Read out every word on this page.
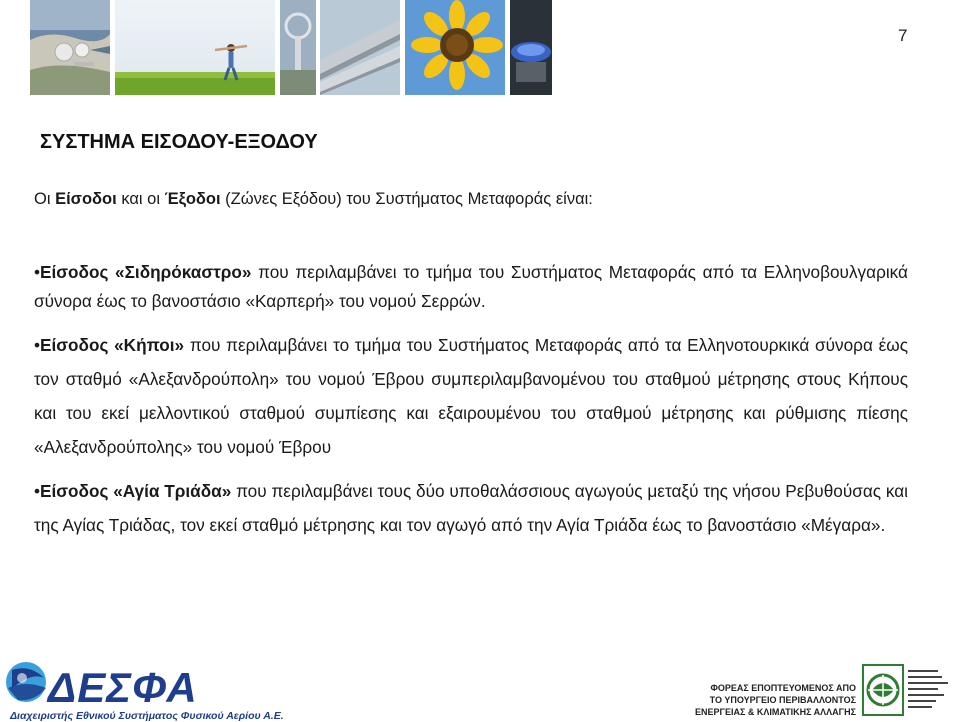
7
ΣΥΣΤΗΜΑ ΕΙΣΟΔΟΥ-ΕΞΟΔΟΥ
Οι Είσοδοι και οι Έξοδοι (Ζώνες Εξόδου) του Συστήματος Μεταφοράς είναι:

•Είσοδος «Σιδηρόκαστρο» που περιλαμβάνει το τμήμα του Συστήματος Μεταφοράς από τα Ελληνοβουλγαρικά σύνορα έως το βανοστάσιο «Καρπερή» του νομού Σερρών.

•Είσοδος «Κήποι» που περιλαμβάνει το τμήμα του Συστήματος Μεταφοράς από τα Ελληνοτουρκικά σύνορα έως τον σταθμό «Αλεξανδρούπολη» του νομού Έβρου συμπεριλαμβανομένου του σταθμού μέτρησης στους Κήπους και του εκεί μελλοντικού σταθμού συμπίεσης και εξαιρουμένου του σταθμού μέτρησης και ρύθμισης πίεσης «Αλεξανδρούπολης» του νομού Έβρου

•Είσοδος «Αγία Τριάδα» που περιλαμβάνει τους δύο υποθαλάσσιους αγωγούς μεταξύ της νήσου Ρεβυθούσας και της Αγίας Τριάδας, τον εκεί σταθμό μέτρησης και τον αγωγό από την Αγία Τριάδα έως το βανοστάσιο «Μέγαρα».

ΔΕΣΦΑ
Διαχειριστής Εθνικού Συστήματος Φυσικού Αερίου Α.Ε.
ΦΟΡΕΑΣ ΕΠΟΠΤΕΥΟΜΕΝΟΣ ΑΠΟ
ΤΟ ΥΠΟΥΡΓΕΙΟ ΠΕΡΙΒΑΛΛΟΝΤΟΣ
ΕΝΕΡΓΕΙΑΣ & ΚΛΙΜΑΤΙΚΗΣ ΑΛΛΑΓΗΣ
